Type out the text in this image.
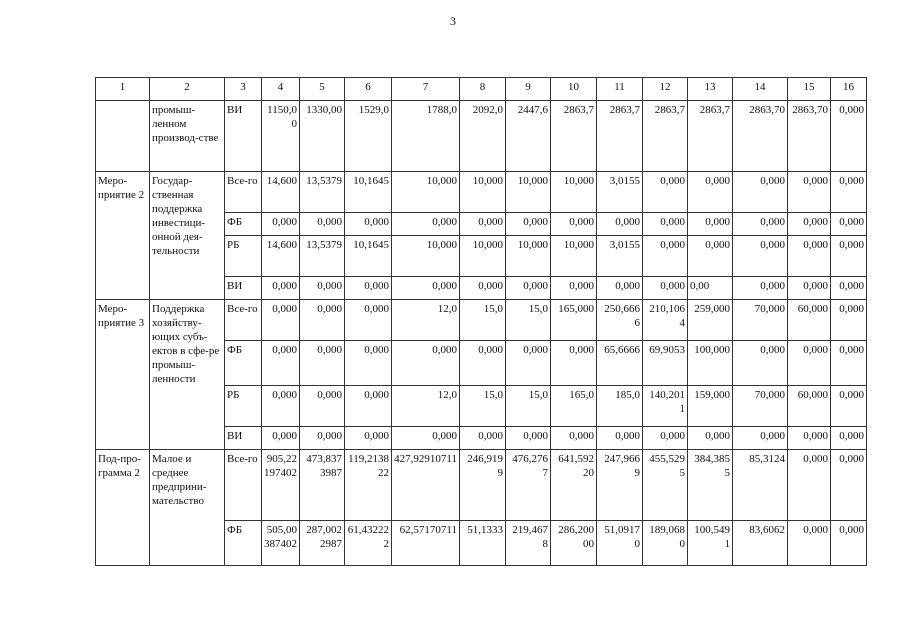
3
1	2	3	4	5	6	7	8	9	10	11	12	13	14	15	16
	промыш-ленном производ-стве	ВИ	1150,00	1330,00	1529,0	1788,0	2092,0	2447,6	2863,7	2863,7	2863,7	2863,7	2863,70	2863,70	0,000
Меро-приятие 2	Государ-ственная поддержка инвестици-онной дея-тельности	Все-го	14,600	13,5379	10,1645	10,000	10,000	10,000	10,000	3,0155	0,000	0,000	0,000	0,000	0,000
		ФБ	0,000	0,000	0,000	0,000	0,000	0,000	0,000	0,000	0,000	0,000	0,000	0,000	0,000
		РБ	14,600	13,5379	10,1645	10,000	10,000	10,000	10,000	3,0155	0,000	0,000	0,000	0,000	0,000
		ВИ	0,000	0,000	0,000	0,000	0,000	0,000	0,000	0,000	0,000	0,00	0,000	0,000	0,000
Меро-приятие 3	Поддержка хозяйству-ющих субъ-ектов в сфе-ре промыш-ленности	Все-го	0,000	0,000	0,000	12,0	15,0	15,0	165,000	250,6666	210,1064	259,000	70,000	60,000	0,000
		ФБ	0,000	0,000	0,000	0,000	0,000	0,000	0,000	65,6666	69,9053	100,000	0,000	0,000	0,000
		РБ	0,000	0,000	0,000	12,0	15,0	15,0	165,0	185,0	140,2011	159,000	70,000	60,000	0,000
		ВИ	0,000	0,000	0,000	0,000	0,000	0,000	0,000	0,000	0,000	0,000	0,000	0,000	0,000
Под-про-грамма 2	Малое и среднее предприни-мательство	Все-го	905,22197402	473,8373987	119,213822	427,92910711	246,9199	476,2767	641,59220	247,9669	455,5295	384,3855	85,3124	0,000	0,000
		ФБ	505,00387402	287,0022987	61,432222	62,57170711	51,1333	219,4678	286,20000	51,09170	189,0680	100,5491	83,6062	0,000	0,000
